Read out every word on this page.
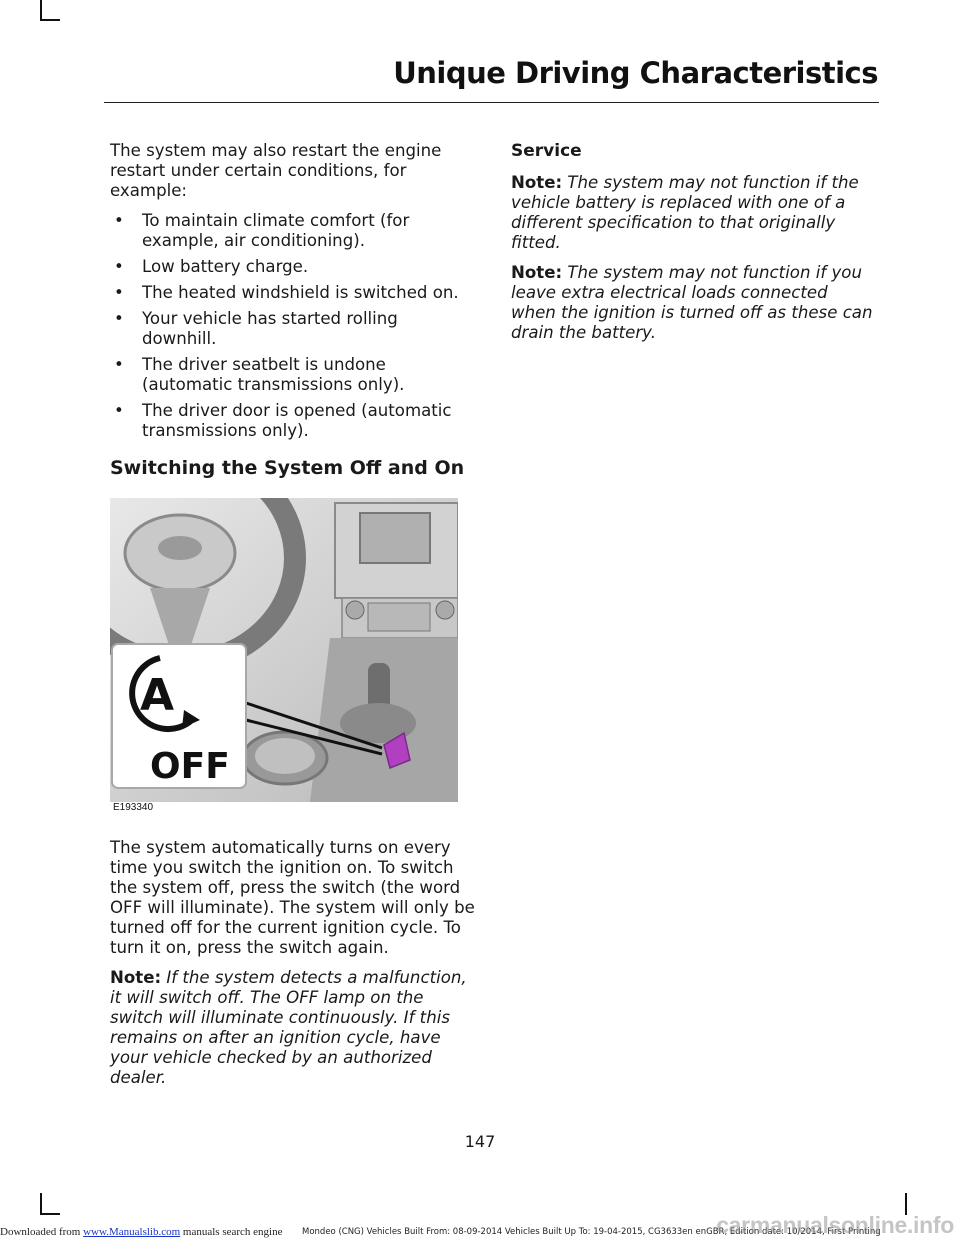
Unique Driving Characteristics

The system may also restart the engine restart under certain conditions, for example:

• To maintain climate comfort (for example, air conditioning).
• Low battery charge.
• The heated windshield is switched on.
• Your vehicle has started rolling downhill.
• The driver seatbelt is undone (automatic transmissions only).
• The driver door is opened (automatic transmissions only).
Switching the System Off and On
A
OFF
E193340

The system automatically turns on every time you switch the ignition on. To switch the system off, press the switch (the word OFF will illuminate). The system will only be turned off for the current ignition cycle. To turn it on, press the switch again.

Note: If the system detects a malfunction, it will switch off. The OFF lamp on the switch will illuminate continuously. If this remains on after an ignition cycle, have your vehicle checked by an authorized dealer.

Service

Note: The system may not function if the vehicle battery is replaced with one of a different specification to that originally fitted.

Note: The system may not function if you leave extra electrical loads connected when the ignition is turned off as these can drain the battery.

147
Downloaded from www.Manualslib.com manuals search engine Mondeo (CNG) Vehicles Built From: 08-09-2014 Vehicles Built Up To: 19-04-2015, CG3633en enGBR, Edition date: 10/2014, First Printing
carmanualsonline.info
